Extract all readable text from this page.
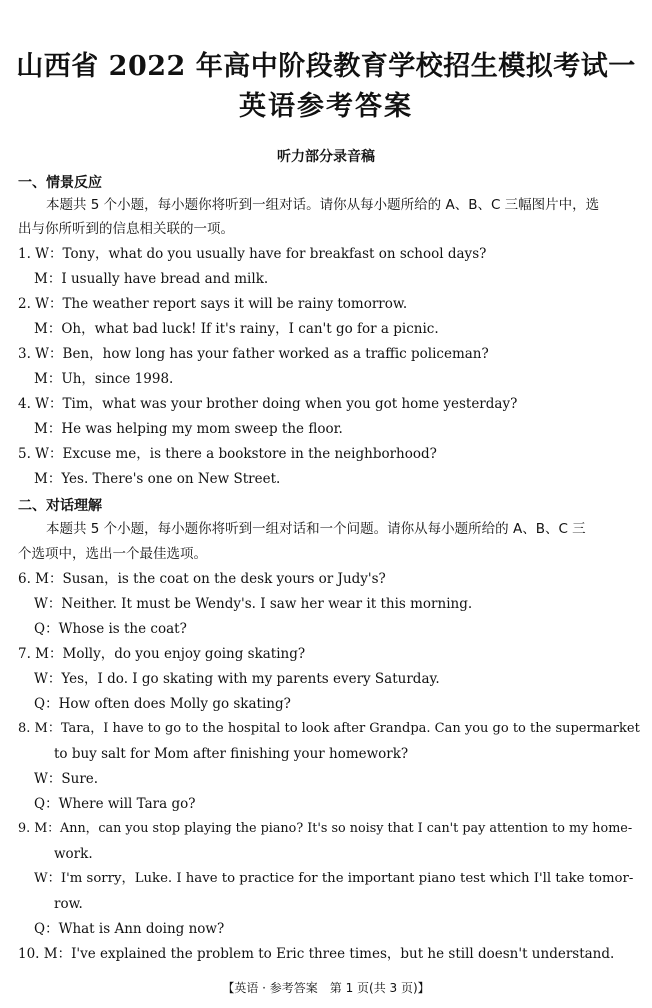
山西省 2022 年高中阶段教育学校招生模拟考试一
英语参考答案
听力部分录音稿
一、情景反应
本题共 5 个小题，每小题你将听到一组对话。请你从每小题所给的 A、B、C 三幅图片中，选
出与你所听到的信息相关联的一项。
1. W：Tony，what do you usually have for breakfast on school days?
M：I usually have bread and milk.
2. W：The weather report says it will be rainy tomorrow.
M：Oh，what bad luck! If it's rainy，I can't go for a picnic.
3. W：Ben，how long has your father worked as a traffic policeman?
M：Uh，since 1998.
4. W：Tim，what was your brother doing when you got home yesterday?
M：He was helping my mom sweep the floor.
5. W：Excuse me，is there a bookstore in the neighborhood?
M：Yes. There's one on New Street.
二、对话理解
本题共 5 个小题，每小题你将听到一组对话和一个问题。请你从每小题所给的 A、B、C 三
个选项中，选出一个最佳选项。
6. M：Susan，is the coat on the desk yours or Judy's?
W：Neither. It must be Wendy's. I saw her wear it this morning.
Q：Whose is the coat?
7. M：Molly，do you enjoy going skating?
W：Yes，I do. I go skating with my parents every Saturday.
Q：How often does Molly go skating?
8. M：Tara，I have to go to the hospital to look after Grandpa. Can you go to the supermarket
to buy salt for Mom after finishing your homework?
W：Sure.
Q：Where will Tara go?
9. M：Ann，can you stop playing the piano? It's so noisy that I can't pay attention to my home-
work.
W：I'm sorry，Luke. I have to practice for the important piano test which I'll take tomor-
row.
Q：What is Ann doing now?
10. M：I've explained the problem to Eric three times，but he still doesn't understand.
【英语 · 参考答案　第 1 页(共 3 页)】
